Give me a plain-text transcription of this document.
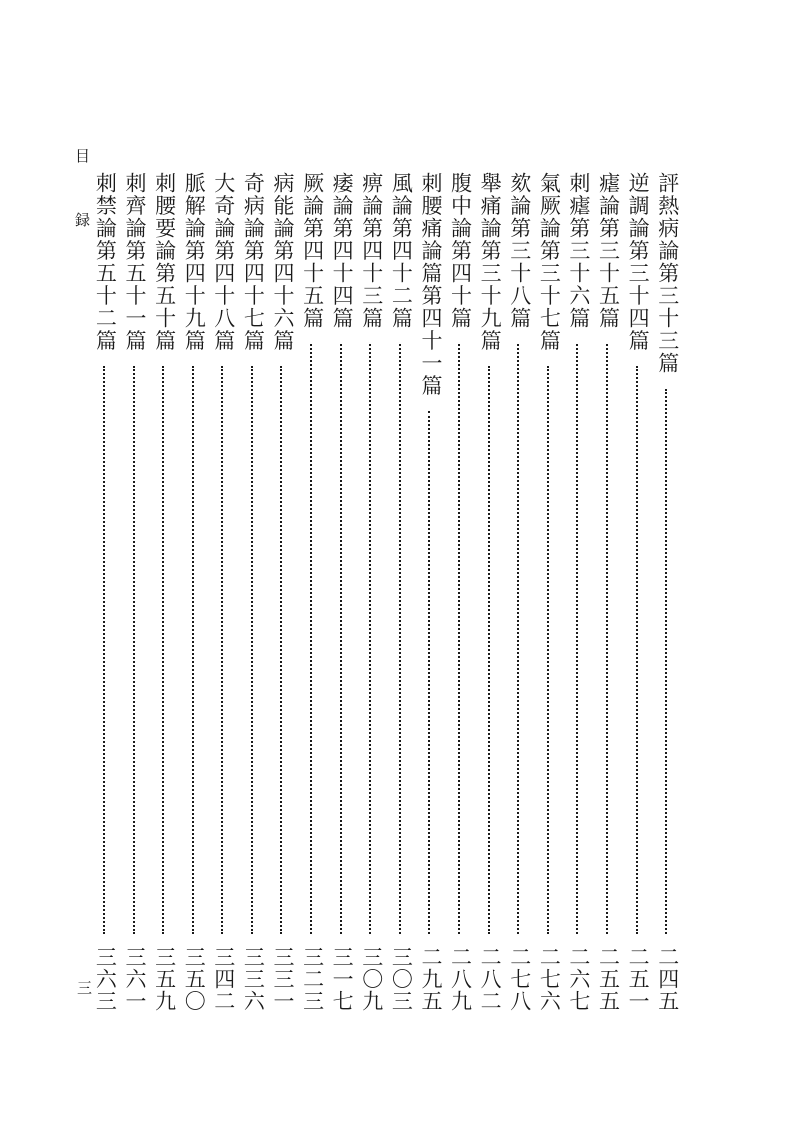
目 録	評熱病論第三十三篇
二四五
逆調論第三十四篇
二五一
瘧論第三十五篇
二五五
刺瘧第三十六篇
二六七
氣厥論第三十七篇
二七六
欬論第三十八篇
二七八
舉痛論第三十九篇
二八二
腹中論第四十篇
二八九
刺腰痛論篇第四十一篇
二九五
風論第四十二篇
三〇三
痹論第四十三篇
三〇九
痿論第四十四篇
三一七
厥論第四十五篇
三二三
病能論第四十六篇
三三一
奇病論第四十七篇
三三六
大奇論第四十八篇
三四二
脈解論第四十九篇
三五〇
刺腰要論第五十篇
三五九
刺齊論第五十一篇
三六一
刺禁論第五十二篇
三六三
三
